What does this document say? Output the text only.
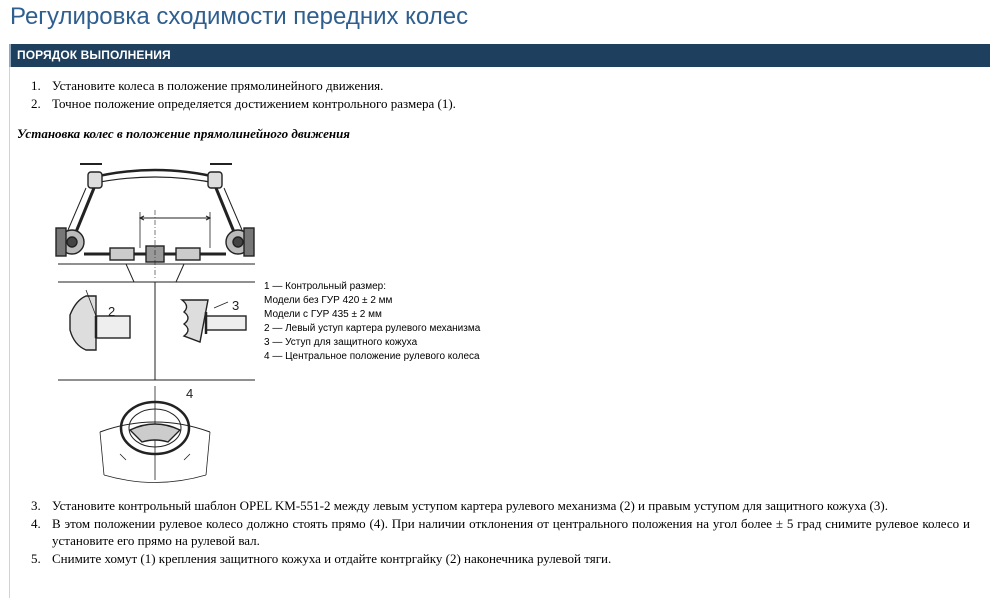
Регулировка сходимости передних колес
ПОРЯДОК ВЫПОЛНЕНИЯ
1. Установите колеса в положение прямолинейного движения.
2. Точное положение определяется достижением контрольного размера (1).
Установка колес в положение прямолинейного движения
2	3
4
1 — Контрольный размер:
Модели без ГУР 420 ± 2 мм
Модели с ГУР 435 ± 2 мм
2 — Левый уступ картера рулевого механизма
3 — Уступ для защитного кожуха
4 — Центральное положение рулевого колеса
3. Установите контрольный шаблон OPEL KM-551-2 между левым уступом картера рулевого механизма (2) и правым уступом для защитного кожуха (3).
4. В этом положении рулевое колесо должно стоять прямо (4). При наличии отклонения от центрального положения на угол более ± 5 град снимите рулевое колесо и установите его прямо на рулевой вал.
5. Снимите хомут (1) крепления защитного кожуха и отдайте контргайку (2) наконечника рулевой тяги.
